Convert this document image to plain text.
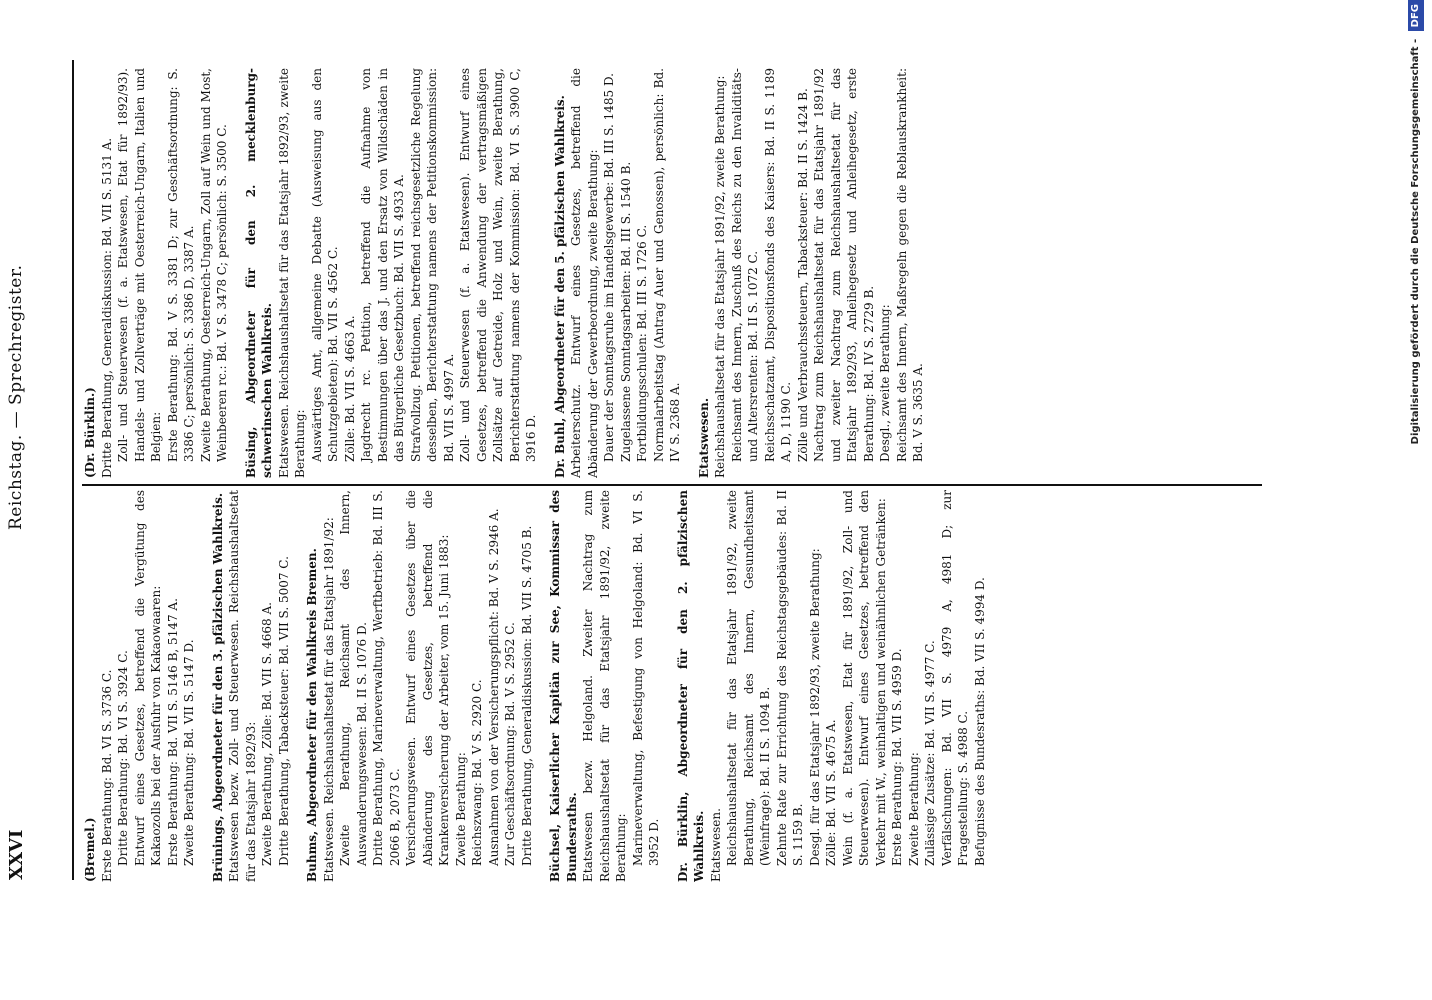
XXVI
Reichstag. — Sprechregister.
(Bremel.) Erste Berathung: Bd. VI S. 3736 C. Dritte Berathung: Bd. VI S. 3924 C. Entwurf eines Gesetzes, betreffend die Vergütung des Kakaozolls bei der Ausfuhr von Kakaowaaren: Erste Berathung: Bd. VII S. 5146 B, 5147 A. Zweite Berathung: Bd. VII S. 5147 D. Brünings, Abgeordneter für den 3. pfälzischen Wahlkreis. Etatswesen bezw. Zoll- und Steuerwesen. Reichshaushaltsetat für das Etatsjahr 1892/93: Zweite Berathung, Zölle: Bd. VII S. 4668 A. Dritte Berathung, Tabacksteuer: Bd. VII S. 5007 C. Buhms, Abgeordneter für den Wahlkreis Bremen. Etatswesen. Reichshaushaltsetat für das Etatsjahr 1891/92: Zweite Berathung, Reichsamt des Innern, Auswanderungswesen: Bd. II S. 1076 D. Dritte Berathung, Marineverwaltung, Werftbetrieb: Bd. III S. 2066 B, 2073 C. Versicherungswesen. Entwurf eines Gesetzes über die Abänderung des Gesetzes, betreffend die Krankenversicherung der Arbeiter, vom 15. Juni 1883: Zweite Berathung: Reichszwang: Bd. V S. 2920 C. Ausnahmen von der Versicherungspflicht: Bd. V S. 2946 A. Zur Geschäftsordnung: Bd. V S. 2952 C. Dritte Berathung, Generaldiskussion: Bd. VII S. 4705 B. Büchsel, Kaiserlicher Kapitän zur See, Kommissar des Bundesraths. Etatswesen bezw. Helgoland. Zweiter Nachtrag zum Reichshaushaltsetat für das Etatsjahr 1891/92, zweite Berathung: Marineverwaltung, Befestigung von Helgoland: Bd. VI S. 3952 D. Dr. Bürklin, Abgeordneter für den 2. pfälzischen Wahlkreis. Etatswesen. Reichshaushaltsetat für das Etatsjahr 1891/92, zweite Berathung, Reichsamt des Innern, Gesundheitsamt (Weinfrage): Bd. II S. 1094 B. Zehnte Rate zur Errichtung des Reichstagsgebäudes: Bd. II S. 1159 B. Desgl. für das Etatsjahr 1892/93, zweite Berathung: Zölle: Bd. VII S. 4675 A. Wein (f. a. Etatswesen, Etat für 1891/92, Zoll- und Steuerwesen). Entwurf eines Gesetzes, betreffend den Verkehr mit W., weinhaltigen und weinähnlichen Getränken: Erste Berathung: Bd. VII S. 4959 D. Zweite Berathung: Zulässige Zusätze: Bd. VII S. 4977 C. Verfälschungen: Bd. VII S. 4979 A, 4981 D; zur Fragestellung: S. 4988 C. Befugnisse des Bundesraths: Bd. VII S. 4994 D.
(Dr. Bürklin.) Dritte Berathung, Generaldiskussion: Bd. VII S. 5131 A. Zoll- und Steuerwesen (f. a. Etatswesen, Etat für 1892/93). Handels- und Zollverträge mit Oesterreich-Ungarn, Italien und Belgien: Erste Berathung: Bd. V S. 3381 D; zur Geschäftsordnung: S. 3386 C; persönlich: S. 3386 D, 3387 A. Zweite Berathung, Oesterreich-Ungarn, Zoll auf Wein und Most, Weinbeeren rc.: Bd. V S. 3478 C; persönlich: S. 3500 C. Büsing, Abgeordneter für den 2. mecklenburg-schwerinschen Wahlkreis. Etatswesen. Reichshaushaltsetat für das Etatsjahr 1892/93, zweite Berathung: Auswärtiges Amt, allgemeine Debatte (Ausweisung aus den Schutzgebieten): Bd. VII S. 4562 C. Zölle: Bd. VII S. 4663 A. Jagdrecht rc. Petition, betreffend die Aufnahme von Bestimmungen über das J. und den Ersatz von Wildschäden in das Bürgerliche Gesetzbuch: Bd. VII S. 4933 A. Strafvollzug. Petitionen, betreffend reichsgesetzliche Regelung desselben, Berichterstattung namens der Petitionskommission: Bd. VII S. 4997 A. Zoll- und Steuerwesen (f. a. Etatswesen). Entwurf eines Gesetzes, betreffend die Anwendung der vertragsmäßigen Zollsätze auf Getreide, Holz und Wein, zweite Berathung, Berichterstattung namens der Kommission: Bd. VI S. 3900 C, 3916 D. Dr. Buhl, Abgeordneter für den 5. pfälzischen Wahlkreis. Arbeiterschutz. Entwurf eines Gesetzes, betreffend die Abänderung der Gewerbeordnung, zweite Berathung: Dauer der Sonntagsruhe im Handelsgewerbe: Bd. III S. 1485 D. Zugelassene Sonntagsarbeiten: Bd. III S. 1540 B. Fortbildungsschulen: Bd. III S. 1726 C. Normalarbeitstag (Antrag Auer und Genossen), persönlich: Bd. IV S. 2368 A. Etatswesen. Reichshaushaltsetat für das Etatsjahr 1891/92, zweite Berathung: Reichsamt des Innern, Zuschuß des Reichs zu den Invaliditäts- und Altersrenten: Bd. II S. 1072 C. Reichsschatzamt, Dispositionsfonds des Kaisers: Bd. II S. 1189 A, D, 1190 C. Zölle und Verbrauchssteuern, Tabacksteuer: Bd. II S. 1424 B. Nachtrag zum Reichshaushaltsetat für das Etatsjahr 1891/92 und zweiter Nachtrag zum Reichshaushaltsetat für das Etatsjahr 1892/93, Anleihegesetz und Anleihegesetz, erste Berathung: Bd. IV S. 2729 B. Desgl., zweite Berathung: Reichsamt des Innern, Maßregeln gegen die Reblauskrankheit: Bd. V S. 3635 A.	Digitalisierung gefördert durch die Deutsche Forschungsgemeinschaft - DFG
